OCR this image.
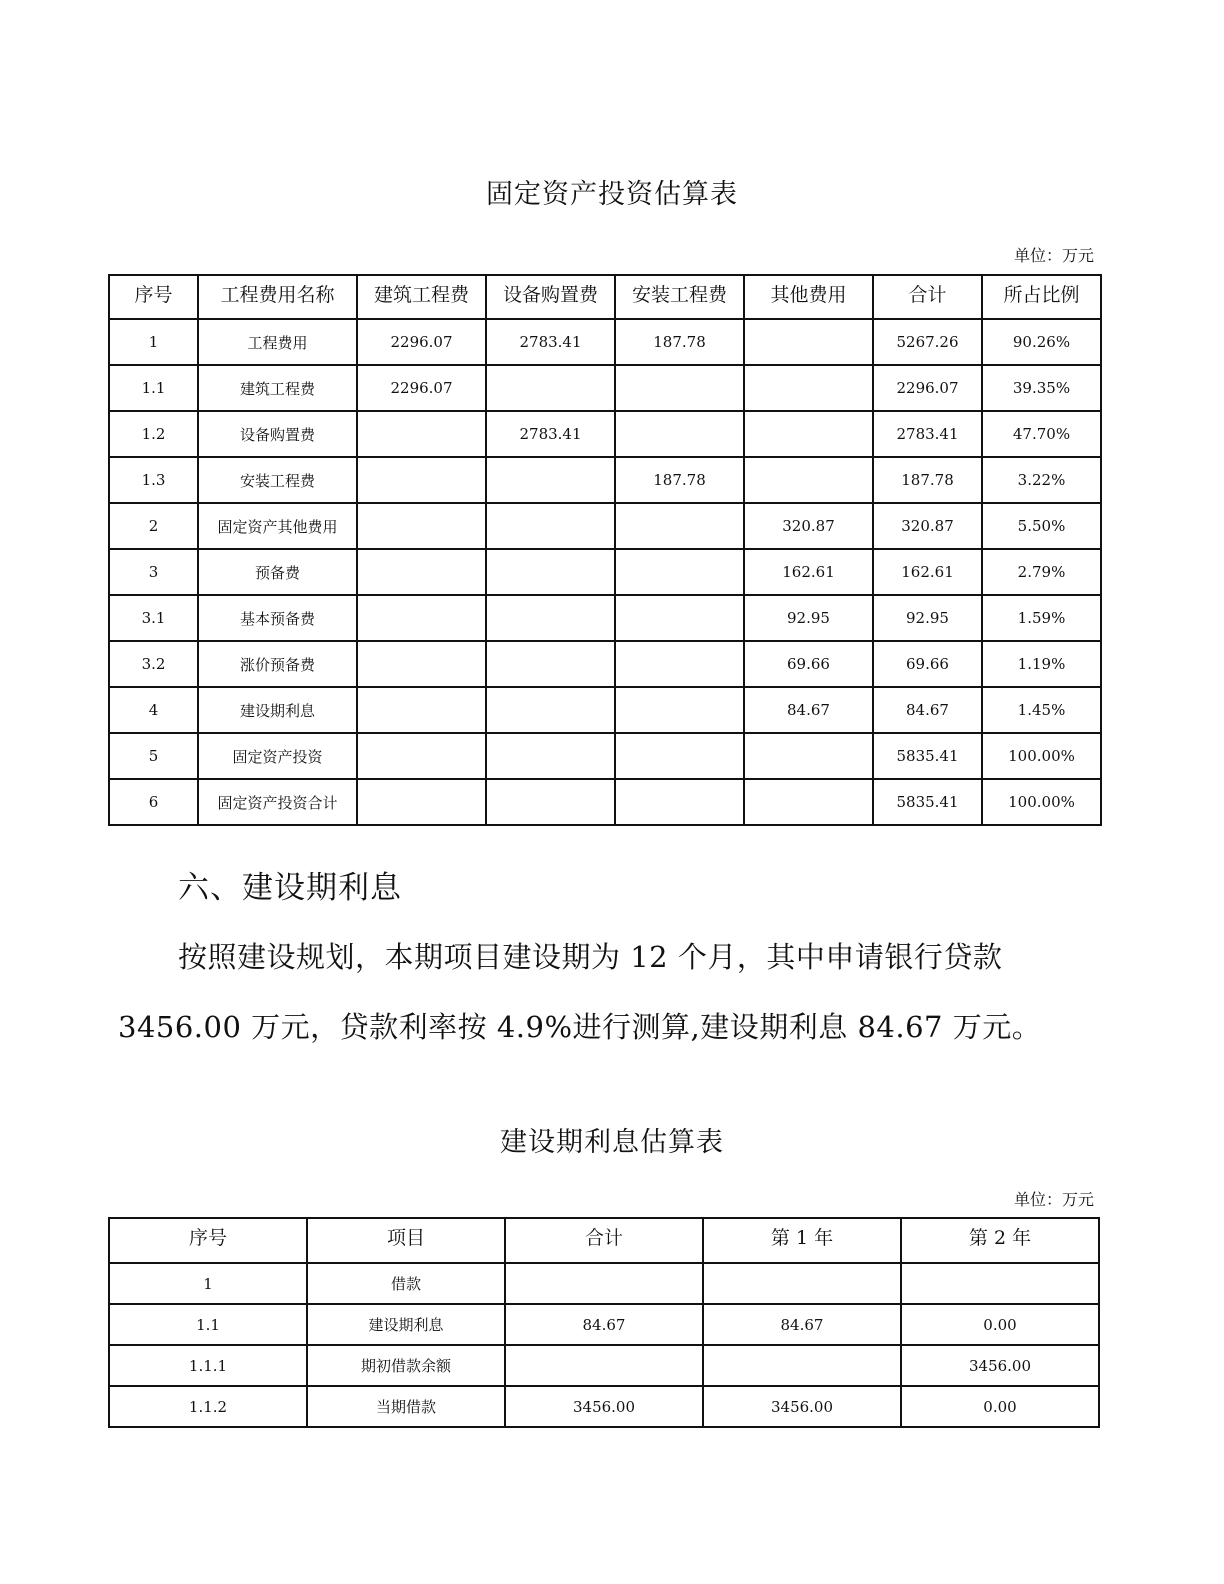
固定资产投资估算表
单位：万元
序号	工程费用名称	建筑工程费	设备购置费	安装工程费	其他费用	合计	所占比例
1	工程费用	2296.07	2783.41	187.78		5267.26	90.26%
1.1	建筑工程费	2296.07				2296.07	39.35%
1.2	设备购置费		2783.41			2783.41	47.70%
1.3	安装工程费			187.78		187.78	3.22%
2	固定资产其他费用				320.87	320.87	5.50%
3	预备费				162.61	162.61	2.79%
3.1	基本预备费				92.95	92.95	1.59%
3.2	涨价预备费				69.66	69.66	1.19%
4	建设期利息				84.67	84.67	1.45%
5	固定资产投资					5835.41	100.00%
6	固定资产投资合计					5835.41	100.00%
六、建设期利息
按照建设规划，本期项目建设期为 12 个月，其中申请银行贷款
3456.00 万元，贷款利率按 4.9%进行测算,建设期利息 84.67 万元。
建设期利息估算表
单位：万元
序号	项目	合计	第 1 年	第 2 年
1	借款			
1.1	建设期利息	84.67	84.67	0.00
1.1.1	期初借款余额			3456.00
1.1.2	当期借款	3456.00	3456.00	0.00
